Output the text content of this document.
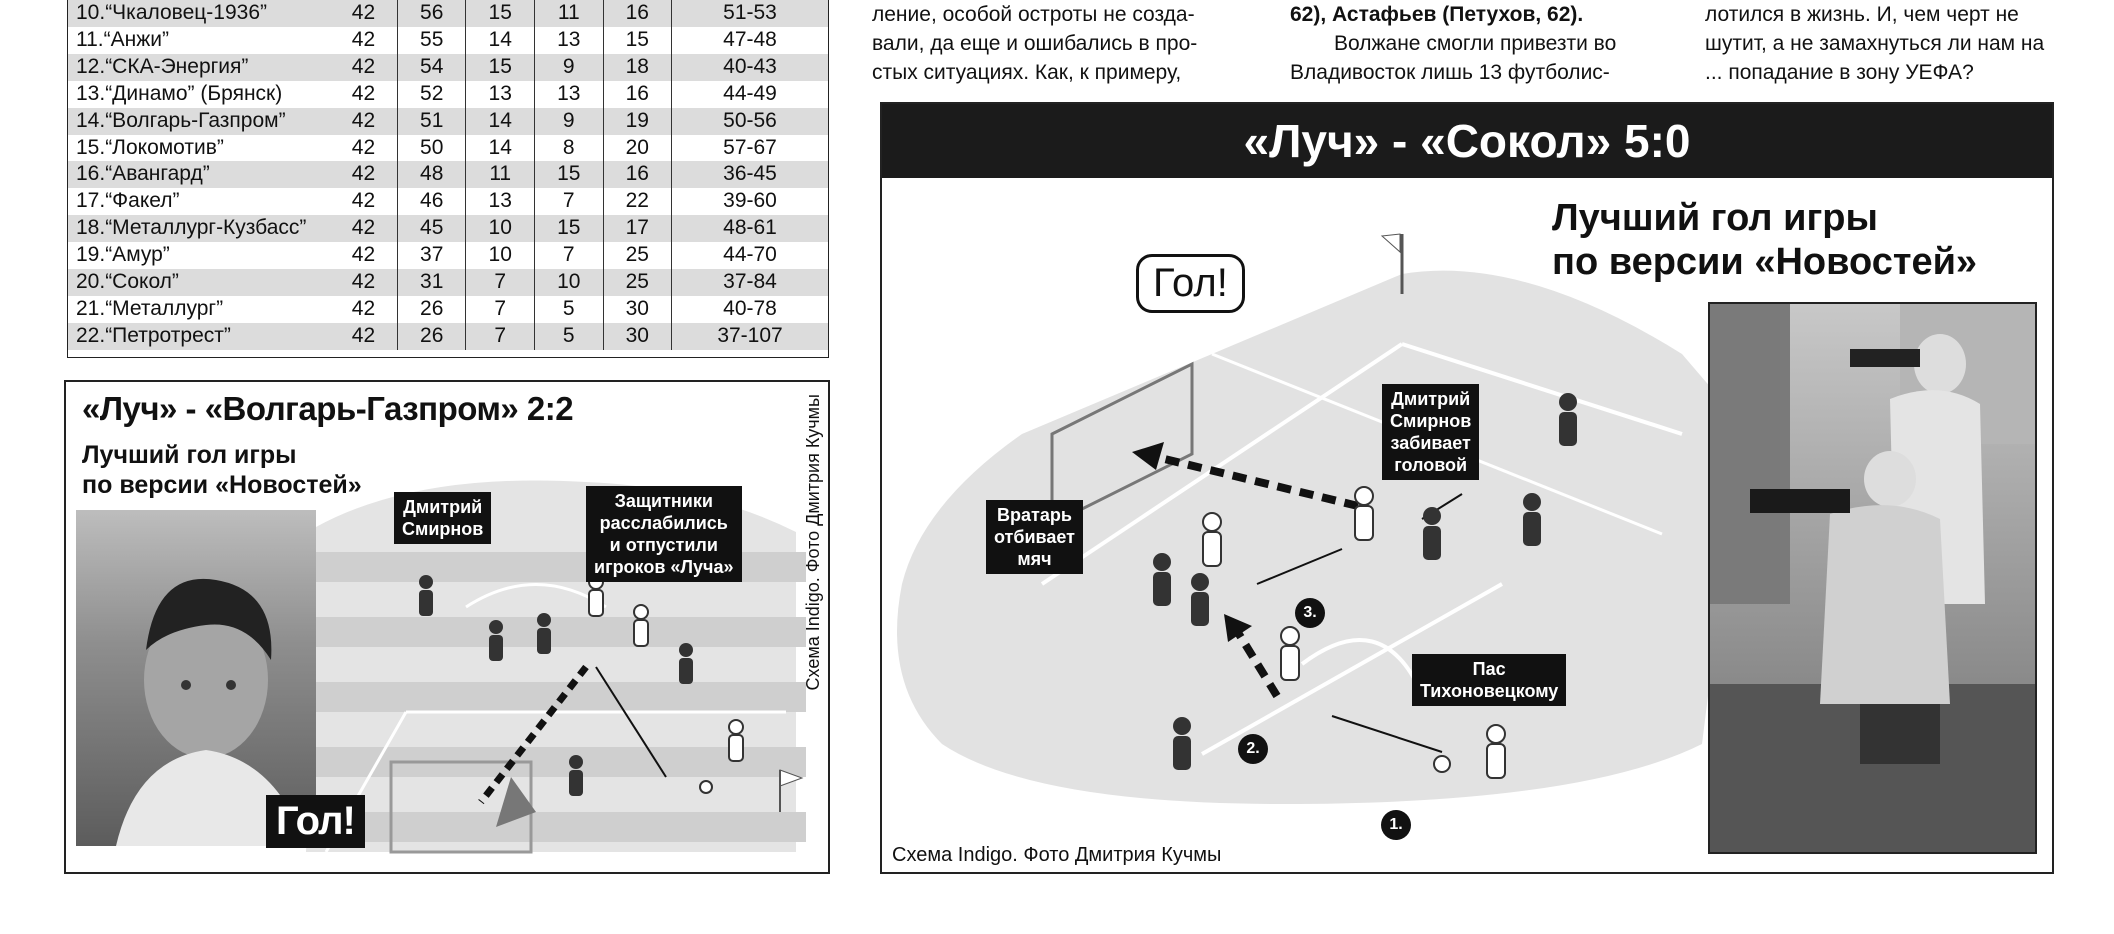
10.“Чкаловец-1936”	42	56	15	11	16	51-53
11.“Анжи”	42	55	14	13	15	47-48
12.“СКА-Энергия”	42	54	15	9	18	40-43
13.“Динамо” (Брянск)	42	52	13	13	16	44-49
14.“Волгарь-Газпром”	42	51	14	9	19	50-56
15.“Локомотив”	42	50	14	8	20	57-67
16.“Авангард”	42	48	11	15	16	36-45
17.“Факел”	42	46	13	7	22	39-60
18.“Металлург-Кузбасс”	42	45	10	15	17	48-61
19.“Амур”	42	37	10	7	25	44-70
20.“Сокол”	42	31	7	10	25	37-84
21.“Металлург”	42	26	7	5	30	40-78
22.“Петротрест”	42	26	7	5	30	37-107

ление, особой остроты не созда-

вали, да еще и ошибались в про-

стых ситуациях. Как, к примеру,

62), Астафьев (Петухов, 62).

Волжане смогли привезти во

Владивосток лишь 13 футболис-

лотился в жизнь. И, чем черт не

шутит, а не замахнуться ли нам на

... попадание в зону УЕФА?

«Луч» - «Волгарь-Газпром» 2:2
Лучший гол игры
по версии «Новостей»
Дмитрий
Смирнов
Защитники
расслабились
и отпустили
игроков «Луча»
Гол!
Схема Indigo. Фото Дмитрия Кучмы
«Луч» - «Сокол» 5:0
Лучший гол игры
по версии «Новостей»
Гол!
Дмитрий
Смирнов
забивает
головой
Вратарь
отбивает
мяч
Пас
Тихоновецкому
1.
2.
3.
Схема Indigo. Фото Дмитрия Кучмы
